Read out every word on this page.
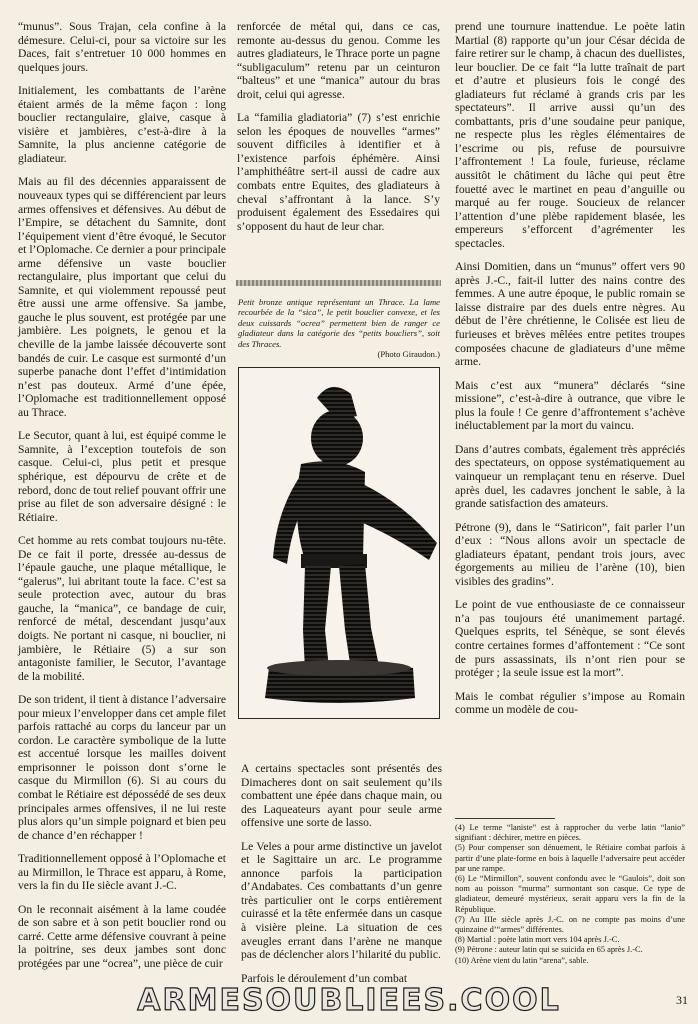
“munus”. Sous Trajan, cela confine à la démesure. Celui-ci, pour sa victoire sur les Daces, fait s’entretuer 10 000 hommes en quelques jours.

Initialement, les combattants de l’arène étaient armés de la même façon : long bouclier rectangulaire, glaive, casque à visière et jambières, c’est-à-dire à la Samnite, la plus ancienne catégorie de gladiateur.

Mais au fil des décennies apparaissent de nouveaux types qui se différencient par leurs armes offensives et défensives. Au début de l’Empire, se détachent du Samnite, dont l’équipement vient d’être évoqué, le Secutor et l’Oplomache. Ce dernier a pour principale arme défensive un vaste bouclier rectangulaire, plus important que celui du Samnite, et qui violemment repoussé peut être aussi une arme offensive. Sa jambe, gauche le plus souvent, est protégée par une jambière. Les poignets, le genou et la cheville de la jambe laissée découverte sont bandés de cuir. Le casque est surmonté d’un superbe panache dont l’effet d’intimidation n’est pas douteux. Armé d’une épée, l’Oplomache est traditionnellement opposé au Thrace.

Le Secutor, quant à lui, est équipé comme le Samnite, à l’exception toutefois de son casque. Celui-ci, plus petit et presque sphérique, est dépourvu de crête et de rebord, donc de tout relief pouvant offrir une prise au filet de son adversaire désigné : le Rétiaire.

Cet homme au rets combat toujours nu-tête. De ce fait il porte, dressée au-dessus de l’épaule gauche, une plaque métallique, le “galerus”, lui abritant toute la face. C’est sa seule protection avec, autour du bras gauche, la “manica”, ce bandage de cuir, renforcé de métal, descendant jusqu’aux doigts. Ne portant ni casque, ni bouclier, ni jambière, le Rétiaire (5) a sur son antagoniste familier, le Secutor, l’avantage de la mobilité.

De son trident, il tient à distance l’adversaire pour mieux l’envelopper dans cet ample filet parfois rattaché au corps du lanceur par un cordon. Le caractère symbolique de la lutte est accentué lorsque les mailles doivent emprisonner le poisson dont s’orne le casque du Mirmillon (6). Si au cours du combat le Rétiaire est dépossédé de ses deux principales armes offensives, il ne lui reste plus alors qu’un simple poignard et bien peu de chance d’en réchapper !

Traditionnellement opposé à l’Oplomache et au Mirmillon, le Thrace est apparu, à Rome, vers la fin du IIe siècle avant J.-C.

On le reconnait aisément à la lame coudée de son sabre et à son petit bouclier rond ou carré. Cette arme défensive couvrant à peine la poitrine, ses deux jambes sont donc protégées par une “ocrea”, une pièce de cuir

renforcée de métal qui, dans ce cas, remonte au-dessus du genou. Comme les autres gladiateurs, le Thrace porte un pagne “subligaculum” retenu par un ceinturon “balteus” et une “manica” autour du bras droit, celui qui agresse.

La “familia gladiatoria” (7) s’est enrichie selon les époques de nouvelles “armes” souvent difficiles à identifier et à l’existence parfois éphémère. Ainsi l’amphithéâtre sert-il aussi de cadre aux combats entre Equites, des gladiateurs à cheval s’affrontant à la lance. S’y produisent également des Essedaires qui s’opposent du haut de leur char.

Petit bronze antique représentant un Thrace. La lame recourbée de la “sica”, le petit bouclier convexe, et les deux cuissards “ocrea” permettent bien de ranger ce gladiateur dans la catégorie des “petits boucliers”, soit des Thraces.
(Photo Giraudon.)

A certains spectacles sont présentés des Dimacheres dont on sait seulement qu’ils combattent une épée dans chaque main, ou des Laqueateurs ayant pour seule arme offensive une sorte de lasso.

Le Veles a pour arme distinctive un javelot et le Sagittaire un arc. Le programme annonce parfois la participation d’Andabates. Ces combattants d’un genre très particulier ont le corps entièrement cuirassé et la tête enfermée dans un casque à visière pleine. La situation de ces aveugles errant dans l’arène ne manque pas de déclencher alors l’hilarité du public.

Parfois le déroulement d’un combat

prend une tournure inattendue. Le poète latin Martial (8) rapporte qu’un jour César décida de faire retirer sur le champ, à chacun des duellistes, leur bouclier. De ce fait “la lutte traînait de part et d’autre et plusieurs fois le congé des gladiateurs fut réclamé à grands cris par les spectateurs”. Il arrive aussi qu’un des combattants, pris d’une soudaine peur panique, ne respecte plus les règles élémentaires de l’escrime ou pis, refuse de poursuivre l’affrontement ! La foule, furieuse, réclame aussitôt le châtiment du lâche qui peut être fouetté avec le martinet en peau d’anguille ou marqué au fer rouge. Soucieux de relancer l’attention d’une plèbe rapidement blasée, les empereurs s’efforcent d’agrémenter les spectacles.

Ainsi Domitien, dans un “munus” offert vers 90 après J.-C., fait-il lutter des nains contre des femmes. A une autre époque, le public romain se laisse distraire par des duels entre nègres. Au début de l’ère chrétienne, le Colisée est lieu de furieuses et brèves mêlées entre petites troupes composées chacune de gladiateurs d’une même arme.

Mais c’est aux “munera” déclarés “sine missione”, c’est-à-dire à outrance, que vibre le plus la foule ! Ce genre d’affrontement s’achève inéluctablement par la mort du vaincu.

Dans d’autres combats, également très appréciés des spectateurs, on oppose systématiquement au vainqueur un remplaçant tenu en réserve. Duel après duel, les cadavres jonchent le sable, à la grande satisfaction des amateurs.

Pétrone (9), dans le “Satiricon”, fait parler l’un d’eux : “Nous allons avoir un spectacle de gladiateurs épatant, pendant trois jours, avec égorgements au milieu de l’arène (10), bien visibles des gradins”.

Le point de vue enthousiaste de ce connaisseur n’a pas toujours été unanimement partagé. Quelques esprits, tel Sénèque, se sont élevés contre certaines formes d’affontement : “Ce sont de purs assassinats, ils n’ont rien pour se protéger ; la seule issue est la mort”.

Mais le combat régulier s’impose au Romain comme un modèle de cou-

(4) Le terme “laniste” est à rapprocher du verbe latin “lanio” signifiant : déchirer, mettre en pièces.

(5) Pour compenser son dénuement, le Rétiaire combat parfois à partir d’une plate-forme en bois à laquelle l’adversaire peut accéder par une rampe.

(6) Le “Mirmillon”, souvent confondu avec le “Gaulois”, doit son nom au poisson “murma” surmontant son casque. Ce type de gladiateur, demeuré mystérieux, serait apparu vers la fin de la République.

(7) Au IIIe siècle après J.-C. on ne compte pas moins d’une quinzaine d’“armes” différentes.

(8) Martial : poète latin mort vers 104 après J.-C.

(9) Pétrone : auteur latin qui se suicida en 65 après J.-C.

(10) Arène vient du latin “arena”, sable.

31
ARMESOUBLIEES.COOL
